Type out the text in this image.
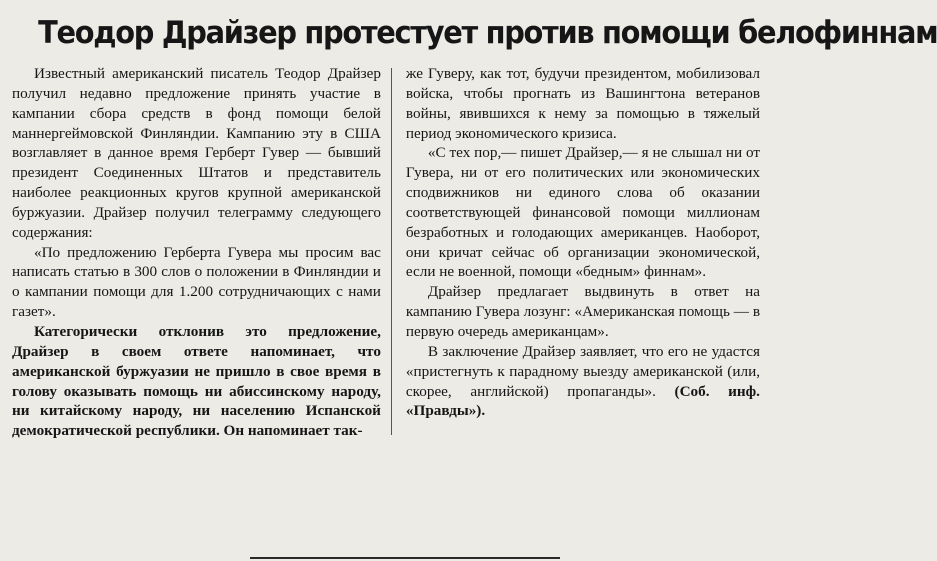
Теодор Драйзер протестует против помощи белофиннам

Известный американский писатель Теодор Драйзер получил недавно предложение принять участие в кампании сбора средств в фонд помощи белой маннергеймовской Финляндии. Кампанию эту в США возглавляет в данное время Герберт Гувер — бывший президент Соединенных Штатов и представитель наиболее реакционных кругов крупной американской буржуазии. Драйзер получил телеграмму следующего содержания:

«По предложению Герберта Гувера мы просим вас написать статью в 300 слов о положении в Финляндии и о кампании помощи для 1.200 сотрудничающих с нами газет».

Категорически отклонив это предложение, Драйзер в своем ответе напоминает, что американской буржуазии не пришло в свое время в голову оказывать помощь ни абиссинскому народу, ни китайскому народу, ни населению Испанской демократической республики. Он напоминает так-

же Гуверу, как тот, будучи президентом, мобилизовал войска, чтобы прогнать из Вашингтона ветеранов войны, явившихся к нему за помощью в тяжелый период экономического кризиса.

«С тех пор,— пишет Драйзер,— я не слышал ни от Гувера, ни от его политических или экономических сподвижников ни единого слова об оказании соответствующей финансовой помощи миллионам безработных и голодающих американцев. Наоборот, они кричат сейчас об организации экономической, если не военной, помощи «бедным» финнам».

Драйзер предлагает выдвинуть в ответ на кампанию Гувера лозунг: «Американская помощь — в первую очередь американцам».

В заключение Драйзер заявляет, что его не удастся «пристегнуть к парадному выезду американской (или, скорее, английской) пропаганды». (Соб. инф. «Правды»).
